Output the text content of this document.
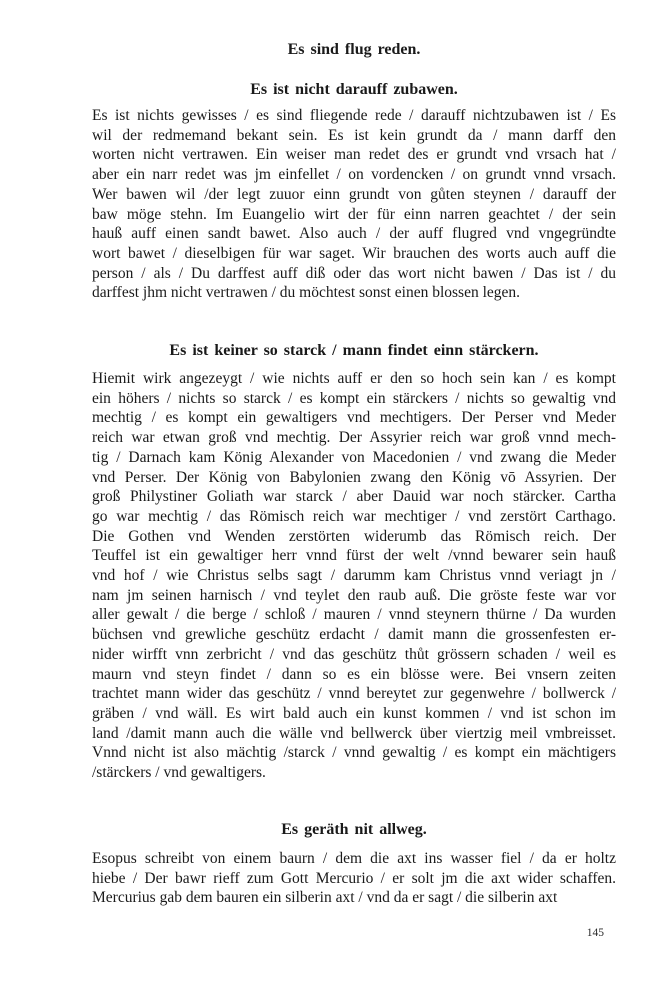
Es sind flug reden.
Es ist nicht darauff zubawen.
Es ist nichts gewisses / es sind fliegende rede / darauff nichtzubawen ist / Es
wil der redmemand bekant sein. Es ist kein grundt da / mann darff den
worten nicht vertrawen. Ein weiser man redet des er grundt vnd vrsach hat /
aber ein narr redet was jm einfellet / on vordencken / on grundt vnnd vrsach.
Wer bawen wil /der legt zuuor einn grundt von gůten steynen / darauff der
baw möge stehn. Im Euangelio wirt der für einn narren geachtet / der sein
hauß auff einen sandt bawet. Also auch / der auff flugred vnd vngegründte
wort bawet / dieselbigen für war saget. Wir brauchen des worts auch auff die
person / als / Du darffest auff diß oder das wort nicht bawen / Das ist / du
darffest jhm nicht vertrawen / du möchtest sonst einen blossen legen.
Es ist keiner so starck / mann findet einn stärckern.
Hiemit wirk angezeygt / wie nichts auff er den so hoch sein kan / es kompt
ein höhers / nichts so starck / es kompt ein stärckers / nichts so gewaltig vnd
mechtig / es kompt ein gewaltigers vnd mechtigers. Der Perser vnd Meder
reich war etwan groß vnd mechtig. Der Assyrier reich war groß vnnd mech-
tig / Darnach kam König Alexander von Macedonien / vnd zwang die Meder
vnd Perser. Der König von Babylonien zwang den König vō Assyrien. Der
groß Philystiner Goliath war starck / aber Dauid war noch stärcker. Cartha
go war mechtig / das Römisch reich war mechtiger / vnd zerstört Carthago.
Die Gothen vnd Wenden zerstörten widerumb das Römisch reich. Der
Teuffel ist ein gewaltiger herr vnnd fürst der welt /vnnd bewarer sein hauß
vnd hof / wie Christus selbs sagt / darumm kam Christus vnnd veriagt jn /
nam jm seinen harnisch / vnd teylet den raub auß. Die gröste feste war vor
aller gewalt / die berge / schloß / mauren / vnnd steynern thürne / Da wurden
büchsen vnd grewliche geschütz erdacht / damit mann die grossenfesten er-
nider wirfft vnn zerbricht / vnd das geschütz thůt grössern schaden / weil es
maurn vnd steyn findet / dann so es ein blösse were. Bei vnsern zeiten
trachtet mann wider das geschütz / vnnd bereytet zur gegenwehre / bollwerck /
gräben / vnd wäll. Es wirt bald auch ein kunst kommen / vnd ist schon im
land /damit mann auch die wälle vnd bellwerck über viertzig meil vmbreisset.
Vnnd nicht ist also mächtig /starck / vnnd gewaltig / es kompt ein mächtigers
/stärckers / vnd gewaltigers.
Es geräth nit allweg.
Esopus schreibt von einem baurn / dem die axt ins wasser fiel / da er holtz
hiebe / Der bawr rieff zum Gott Mercurio / er solt jm die axt wider schaffen.
Mercurius gab dem bauren ein silberin axt / vnd da er sagt / die silberin axt
145
